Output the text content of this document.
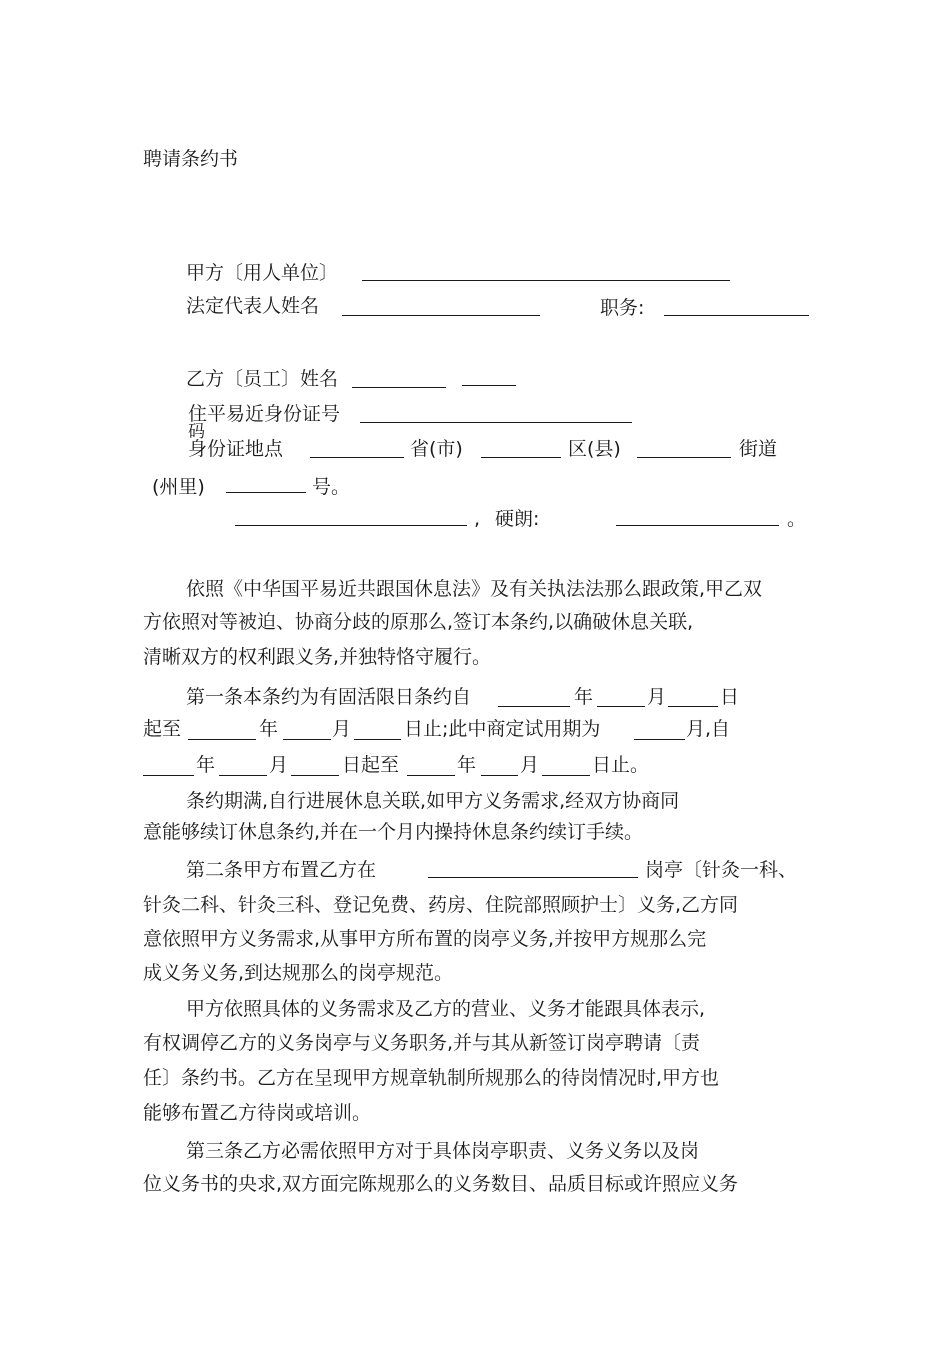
聘请条约书
甲方〔用人单位〕
法定代表人姓名	职务:
乙方〔员工〕姓名
住平易近身份证号
码
身份证地点	省(市)	区(县)	街道
(州里)	号。
, 硬朗:	。
依照《中华国平易近共跟国休息法》及有关执法法那么跟政策,甲乙双
方依照对等被迫、协商分歧的原那么,签订本条约,以确破休息关联,
清晰双方的权利跟义务,并独特恪守履行。
第一条本条约为有固活限日条约自	年	月	日
起至	年	月	日止;此中商定试用期为	月,自
年	月	日起至	年 月	日止。
条约期满,自行进展休息关联,如甲方义务需求,经双方协商同
意能够续订休息条约,并在一个月内操持休息条约续订手续。
第二条甲方布置乙方在	岗亭〔针灸一科、
针灸二科、针灸三科、登记免费、药房、住院部照顾护士〕义务,乙方同
意依照甲方义务需求,从事甲方所布置的岗亭义务,并按甲方规那么完
成义务义务,到达规那么的岗亭规范。
甲方依照具体的义务需求及乙方的营业、义务才能跟具体表示,
有权调停乙方的义务岗亭与义务职务,并与其从新签订岗亭聘请〔责
任〕条约书。乙方在呈现甲方规章轨制所规那么的待岗情况时,甲方也
能够布置乙方待岗或培训。
第三条乙方必需依照甲方对于具体岗亭职责、义务义务以及岗
位义务书的央求,双方面完陈规那么的义务数目、品质目标或许照应义务
